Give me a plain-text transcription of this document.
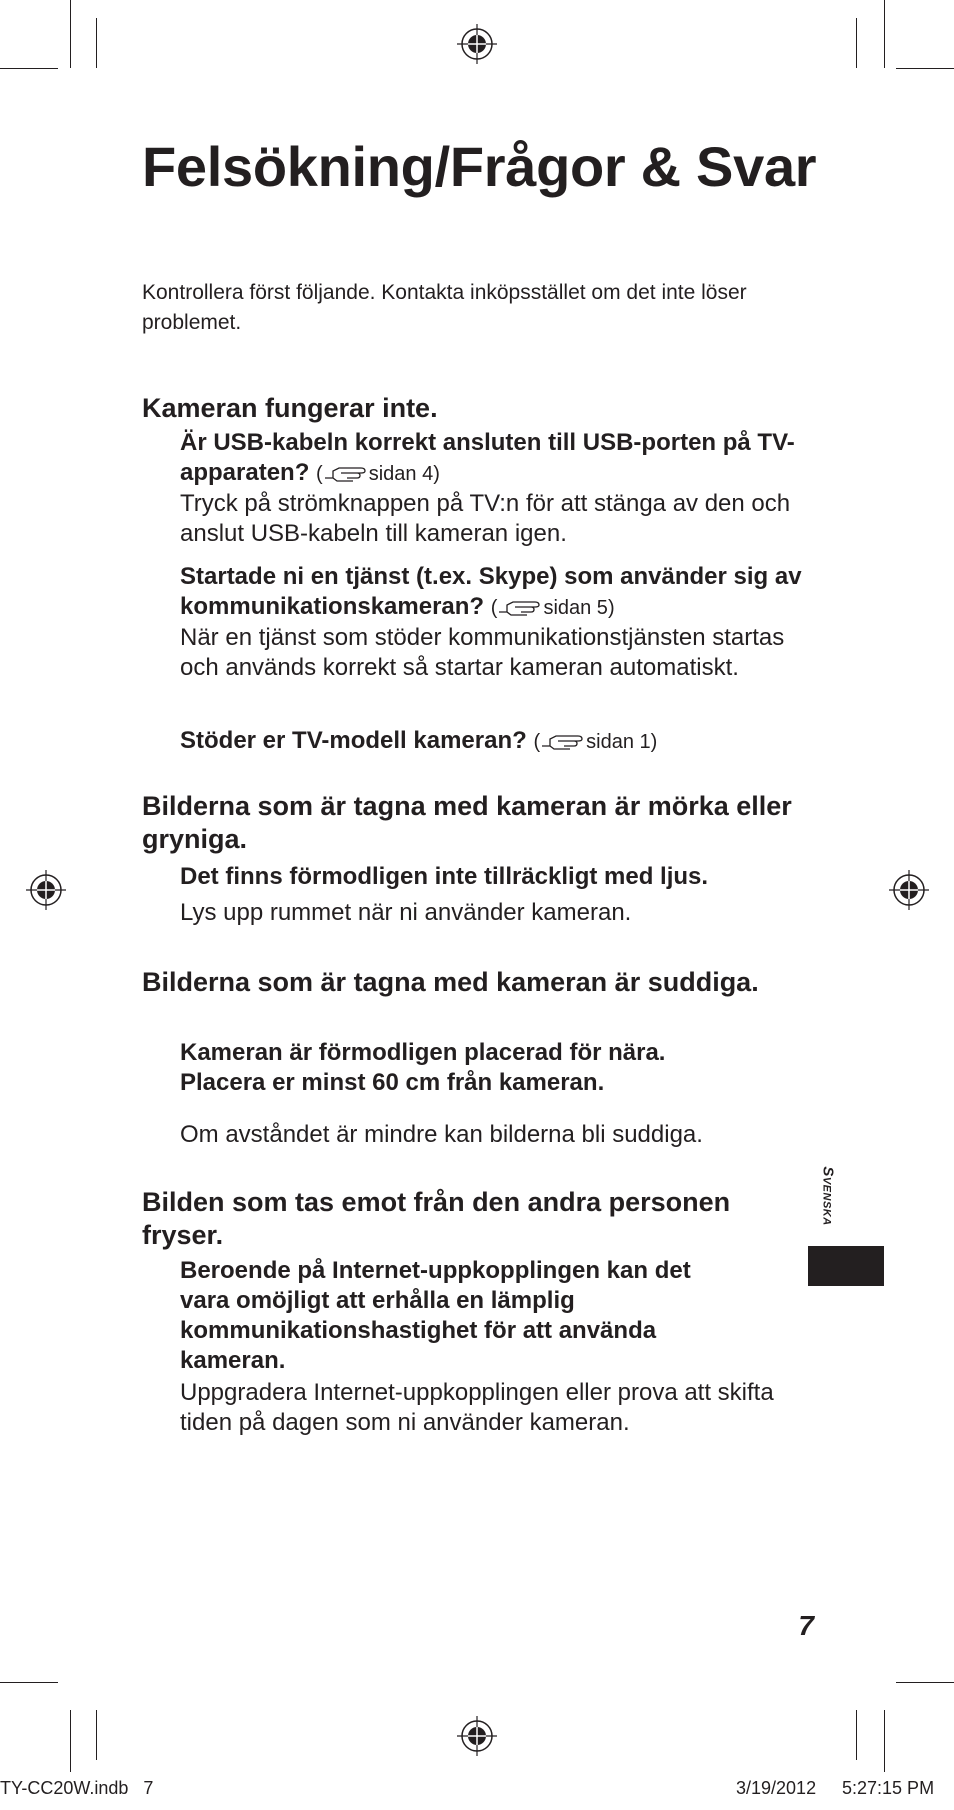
Felsökning/Frågor & Svar
Kontrollera först följande. Kontakta inköpsstället om det inte löser problemet.
Kameran fungerar inte.
Är USB-kabeln korrekt ansluten till USB-porten på TV-apparaten? ( sidan 4)
Tryck på strömknappen på TV:n för att stänga av den och anslut USB-kabeln till kameran igen.
Startade ni en tjänst (t.ex. Skype) som använder sig av kommunikationskameran? ( sidan 5)
När en tjänst som stöder kommunikationstjänsten startas och används korrekt så startar kameran automatiskt.
Stöder er TV-modell kameran? ( sidan 1)
Bilderna som är tagna med kameran är mörka eller gryniga.
Det finns förmodligen inte tillräckligt med ljus.
Lys upp rummet när ni använder kameran.
Bilderna som är tagna med kameran är suddiga.
Kameran är förmodligen placerad för nära. Placera er minst 60 cm från kameran.
Om avståndet är mindre kan bilderna bli suddiga.
Bilden som tas emot från den andra personen fryser.
Beroende på Internet-uppkopplingen kan det vara omöjligt att erhålla en lämplig kommunikationshastighet för att använda kameran.
Uppgradera Internet-uppkopplingen eller prova att skifta tiden på dagen som ni använder kameran.
Svenska
7
TY-CC20W.indb   7	3/19/2012 5:27:15 PM
